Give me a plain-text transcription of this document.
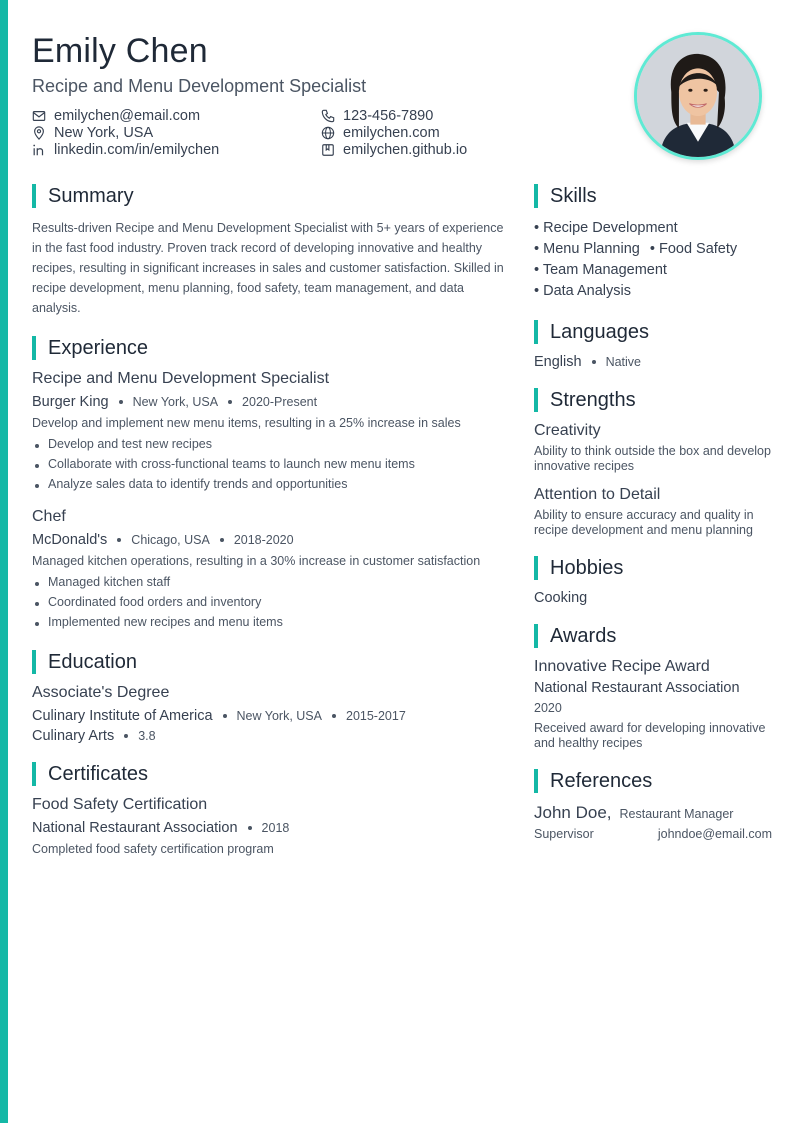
Emily Chen
Recipe and Menu Development Specialist
emilychen@email.com
New York, USA
linkedin.com/in/emilychen
123-456-7890
emilychen.com
emilychen.github.io
Summary

Results-driven Recipe and Menu Development Specialist with 5+ years of experience in the fast food industry. Proven track record of developing innovative and healthy recipes, resulting in significant increases in sales and customer satisfaction. Skilled in recipe development, menu planning, food safety, team management, and data analysis.

Experience
Recipe and Menu Development Specialist
Burger King New York, USA 2020-Present
Develop and implement new menu items, resulting in a 25% increase in sales
Develop and test new recipes
Collaborate with cross-functional teams to launch new menu items
Analyze sales data to identify trends and opportunities
Chef
McDonald's Chicago, USA 2018-2020
Managed kitchen operations, resulting in a 30% increase in customer satisfaction
Managed kitchen staff
Coordinated food orders and inventory
Implemented new recipes and menu items
Education
Associate's Degree
Culinary Institute of America New York, USA 2015-2017
Culinary Arts 3.8
Certificates
Food Safety Certification
National Restaurant Association 2018
Completed food safety certification program
Skills
• Recipe Development
• Menu Planning • Food Safety
• Team Management
• Data Analysis
Languages
English Native
Strengths
Creativity
Ability to think outside the box and develop innovative recipes
Attention to Detail
Ability to ensure accuracy and quality in recipe development and menu planning
Hobbies
Cooking
Awards
Innovative Recipe Award
National Restaurant Association
2020
Received award for developing innovative and healthy recipes
References
John Doe, Restaurant Manager
Supervisor	johndoe@email.com
